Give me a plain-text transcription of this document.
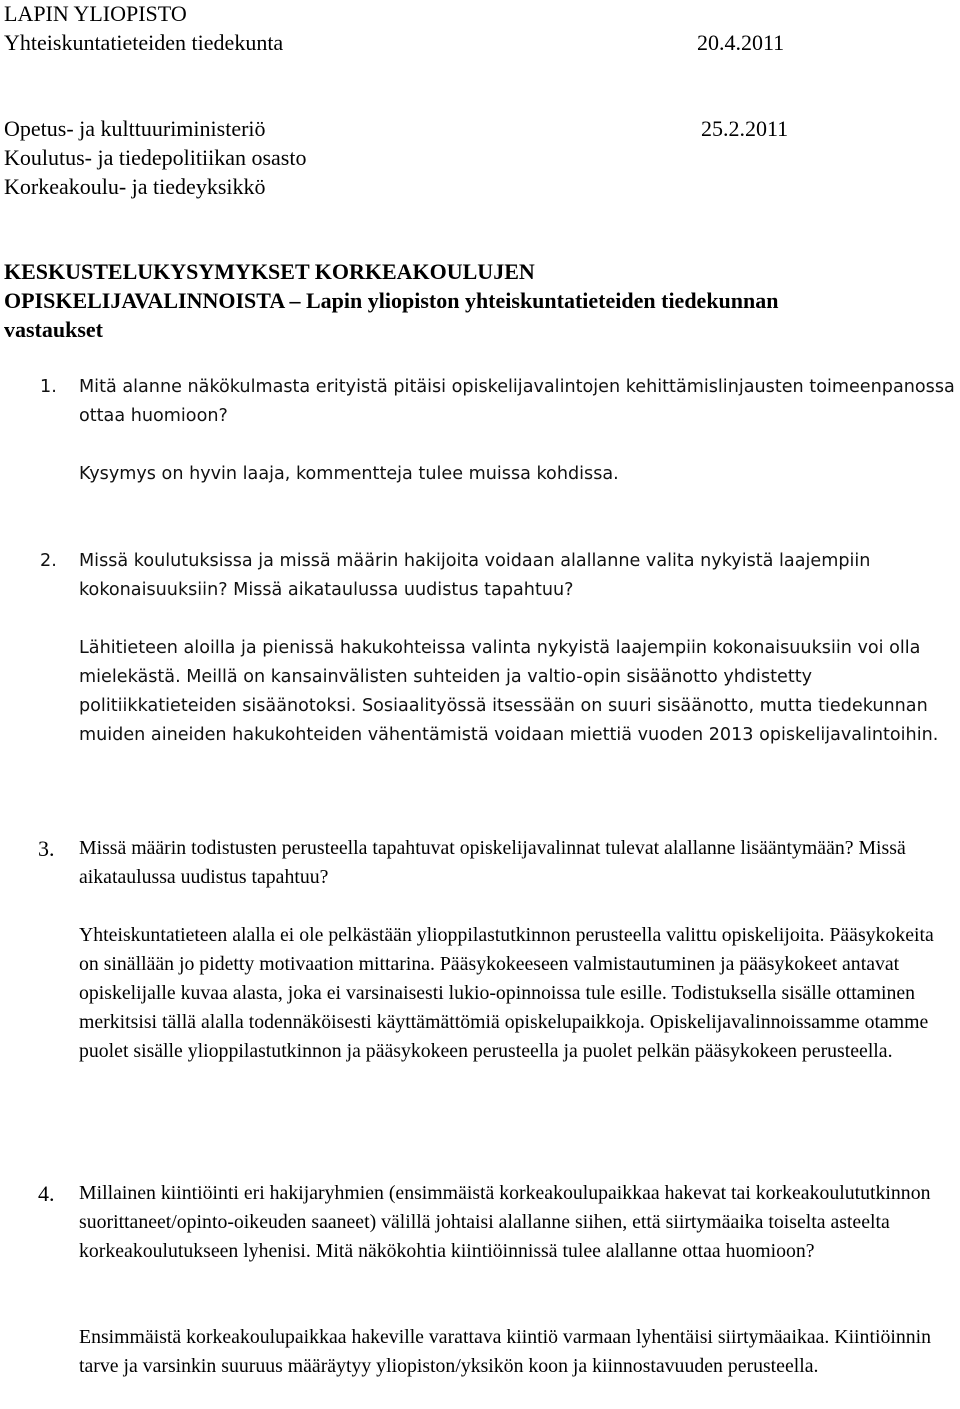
LAPIN YLIOPISTO
Yhteiskuntatieteiden tiedekunta	20.4.2011
Opetus- ja kulttuuriministeriö	25.2.2011
Koulutus- ja tiedepolitiikan osasto
Korkeakoulu- ja tiedeyksikkö
KESKUSTELUKYSYMYKSET KORKEAKOULUJEN
OPISKELIJAVALINNOISTA – Lapin yliopiston yhteiskuntatieteiden tiedekunnan
vastaukset
1. Mitä alanne näkökulmasta erityistä pitäisi opiskelijavalintojen kehittämislinjausten toimeenpanossa ottaa huomioon?

Kysymys on hyvin laaja, kommentteja tulee muissa kohdissa.

2. Missä koulutuksissa ja missä määrin hakijoita voidaan alallanne valita nykyistä laajempiin kokonaisuuksiin? Missä aikataulussa uudistus tapahtuu?

Lähitieteen aloilla ja pienissä hakukohteissa valinta nykyistä laajempiin kokonaisuuksiin voi olla mielekästä. Meillä on kansainvälisten suhteiden ja valtio-opin sisäänotto yhdistetty politiikkatieteiden sisäänotoksi. Sosiaalityössä itsessään on suuri sisäänotto, mutta tiedekunnan muiden aineiden hakukohteiden vähentämistä voidaan miettiä vuoden 2013 opiskelijavalintoihin.

3. Missä määrin todistusten perusteella tapahtuvat opiskelijavalinnat tulevat alallanne lisääntymään? Missä aikataulussa uudistus tapahtuu?

Yhteiskuntatieteen alalla ei ole pelkästään ylioppilastutkinnon perusteella valittu opiskelijoita. Pääsykokeita on sinällään jo pidetty motivaation mittarina. Pääsykokeeseen valmistautuminen ja pääsykokeet antavat opiskelijalle kuvaa alasta, joka ei varsinaisesti lukio-opinnoissa tule esille. Todistuksella sisälle ottaminen merkitsisi tällä alalla todennäköisesti käyttämättömiä opiskelupaikkoja. Opiskelijavalinnoissamme otamme puolet sisälle ylioppilastutkinnon ja pääsykokeen perusteella ja puolet pelkän pääsykokeen perusteella.

4. Millainen kiintiöinti eri hakijaryhmien (ensimmäistä korkeakoulupaikkaa hakevat tai korkeakoulututkinnon suorittaneet/opinto-oikeuden saaneet) välillä johtaisi alallanne siihen, että siirtymäaika toiselta asteelta korkeakoulutukseen lyhenisi. Mitä näkökohtia kiintiöinnissä tulee alallanne ottaa huomioon?

Ensimmäistä korkeakoulupaikkaa hakeville varattava kiintiö varmaan lyhentäisi siirtymäaikaa. Kiintiöinnin tarve ja varsinkin suuruus määräytyy yliopiston/yksikön koon ja kiinnostavuuden perusteella.
